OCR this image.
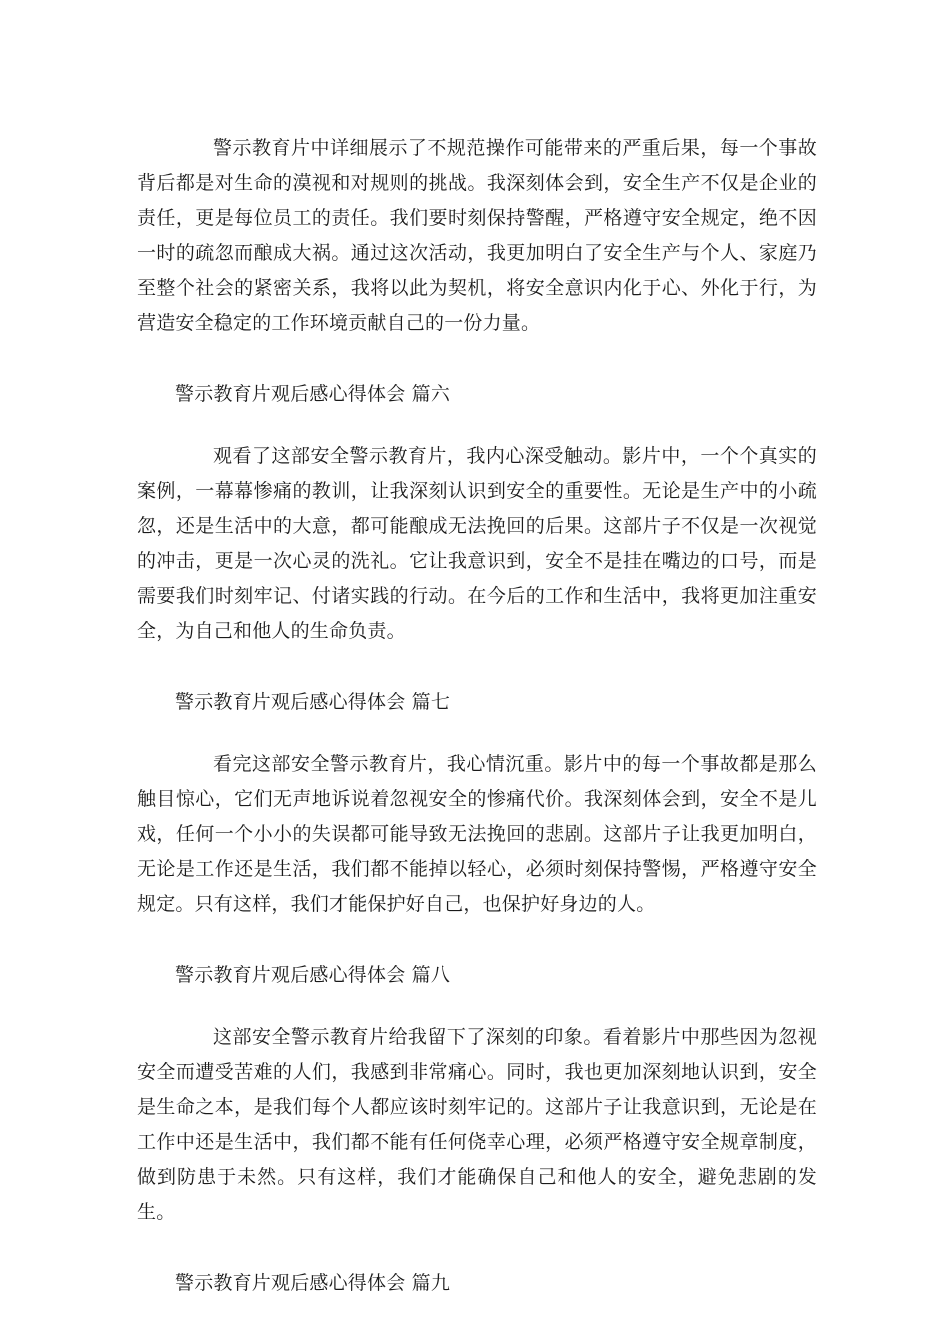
警示教育片中详细展示了不规范操作可能带来的严重后果，每一个事故背后都是对生命的漠视和对规则的挑战。我深刻体会到，安全生产不仅是企业的责任，更是每位员工的责任。我们要时刻保持警醒，严格遵守安全规定，绝不因一时的疏忽而酿成大祸。通过这次活动，我更加明白了安全生产与个人、家庭乃至整个社会的紧密关系，我将以此为契机，将安全意识内化于心、外化于行，为营造安全稳定的工作环境贡献自己的一份力量。

警示教育片观后感心得体会 篇六

观看了这部安全警示教育片，我内心深受触动。影片中，一个个真实的案例，一幕幕惨痛的教训，让我深刻认识到安全的重要性。无论是生产中的小疏忽，还是生活中的大意，都可能酿成无法挽回的后果。这部片子不仅是一次视觉的冲击，更是一次心灵的洗礼。它让我意识到，安全不是挂在嘴边的口号，而是需要我们时刻牢记、付诸实践的行动。在今后的工作和生活中，我将更加注重安全，为自己和他人的生命负责。

警示教育片观后感心得体会 篇七

看完这部安全警示教育片，我心情沉重。影片中的每一个事故都是那么触目惊心，它们无声地诉说着忽视安全的惨痛代价。我深刻体会到，安全不是儿戏，任何一个小小的失误都可能导致无法挽回的悲剧。这部片子让我更加明白，无论是工作还是生活，我们都不能掉以轻心，必须时刻保持警惕，严格遵守安全规定。只有这样，我们才能保护好自己，也保护好身边的人。

警示教育片观后感心得体会 篇八

这部安全警示教育片给我留下了深刻的印象。看着影片中那些因为忽视安全而遭受苦难的人们，我感到非常痛心。同时，我也更加深刻地认识到，安全是生命之本，是我们每个人都应该时刻牢记的。这部片子让我意识到，无论是在工作中还是生活中，我们都不能有任何侥幸心理，必须严格遵守安全规章制度，做到防患于未然。只有这样，我们才能确保自己和他人的安全，避免悲剧的发生。

警示教育片观后感心得体会 篇九
